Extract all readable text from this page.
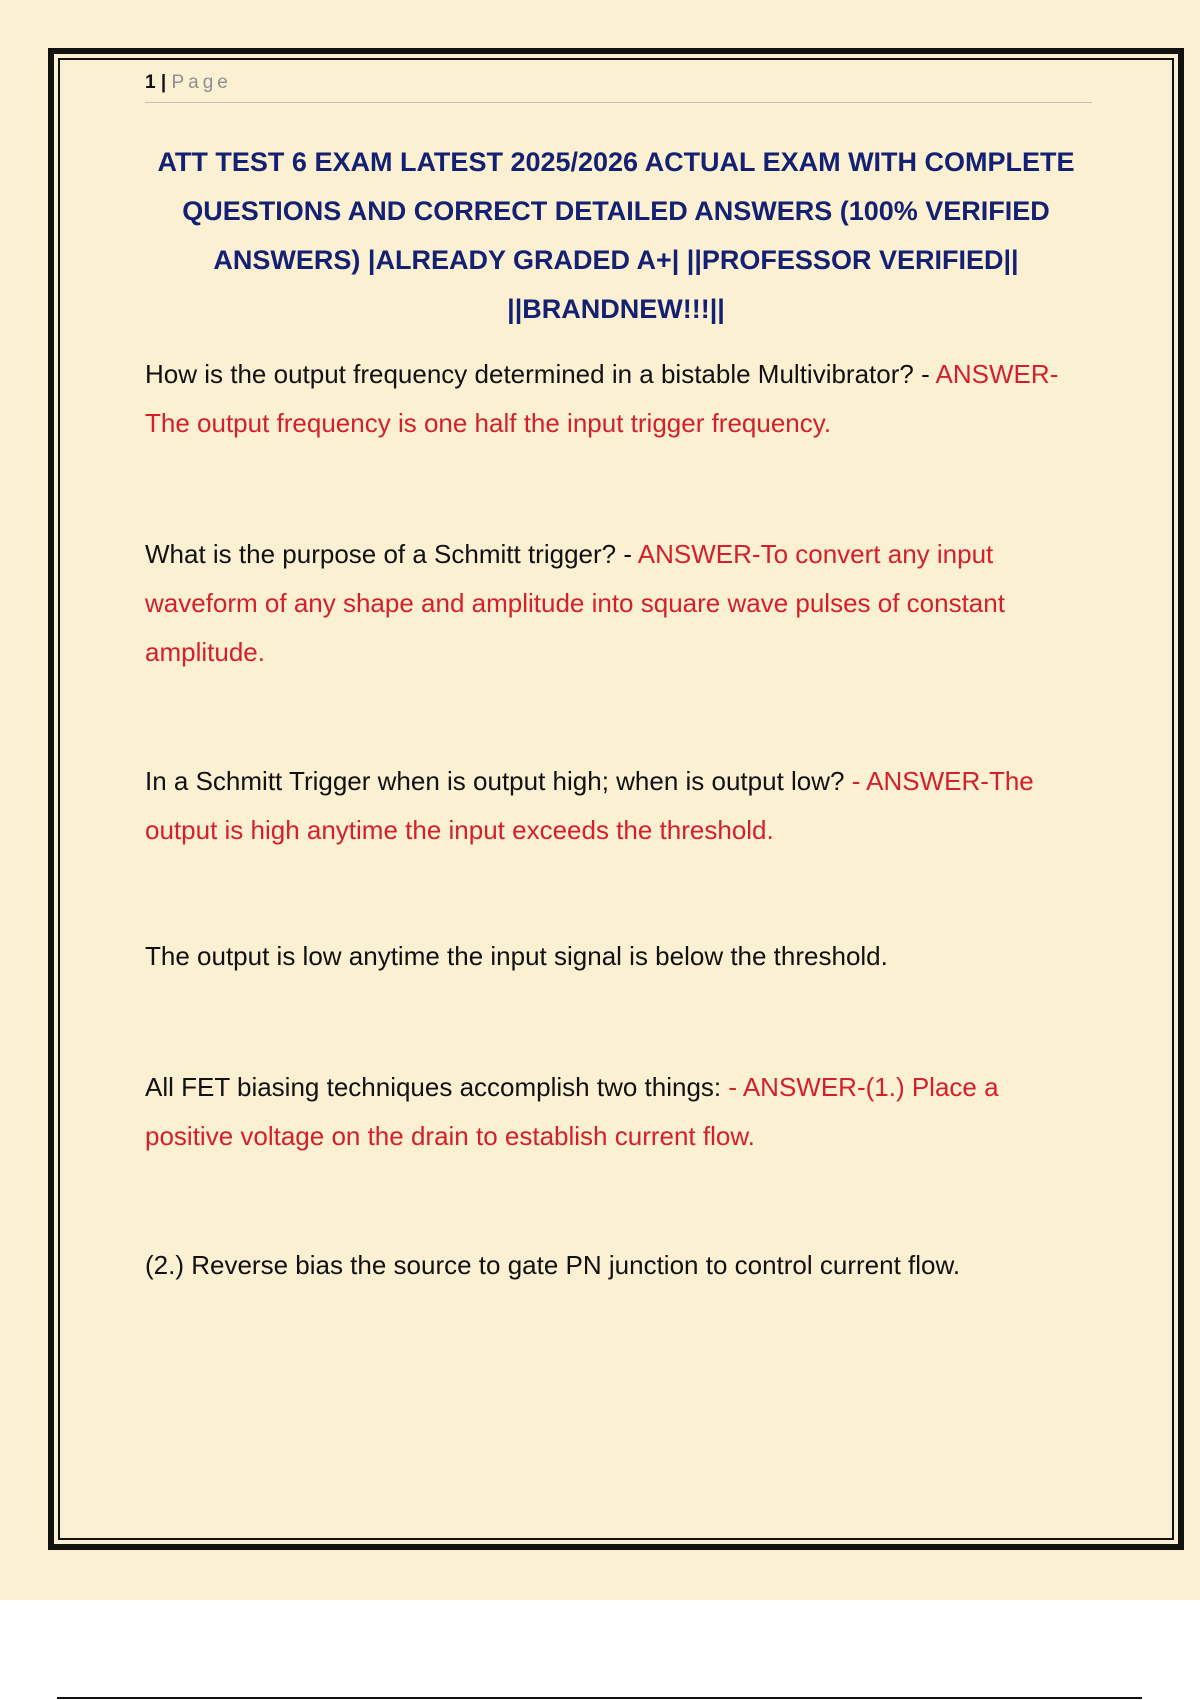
1 | Page
ATT TEST 6 EXAM LATEST 2025/2026 ACTUAL EXAM WITH COMPLETE QUESTIONS AND CORRECT DETAILED ANSWERS (100% VERIFIED ANSWERS) |ALREADY GRADED A+| ||PROFESSOR VERIFIED|| ||BRANDNEW!!!||
How is the output frequency determined in a bistable Multivibrator? - ANSWER-The output frequency is one half the input trigger frequency.
What is the purpose of a Schmitt trigger? - ANSWER-To convert any input waveform of any shape and amplitude into square wave pulses of constant amplitude.
In a Schmitt Trigger when is output high; when is output low? - ANSWER-The output is high anytime the input exceeds the threshold.
The output is low anytime the input signal is below the threshold.
All FET biasing techniques accomplish two things: - ANSWER-(1.) Place a positive voltage on the drain to establish current flow.
(2.) Reverse bias the source to gate PN junction to control current flow.
